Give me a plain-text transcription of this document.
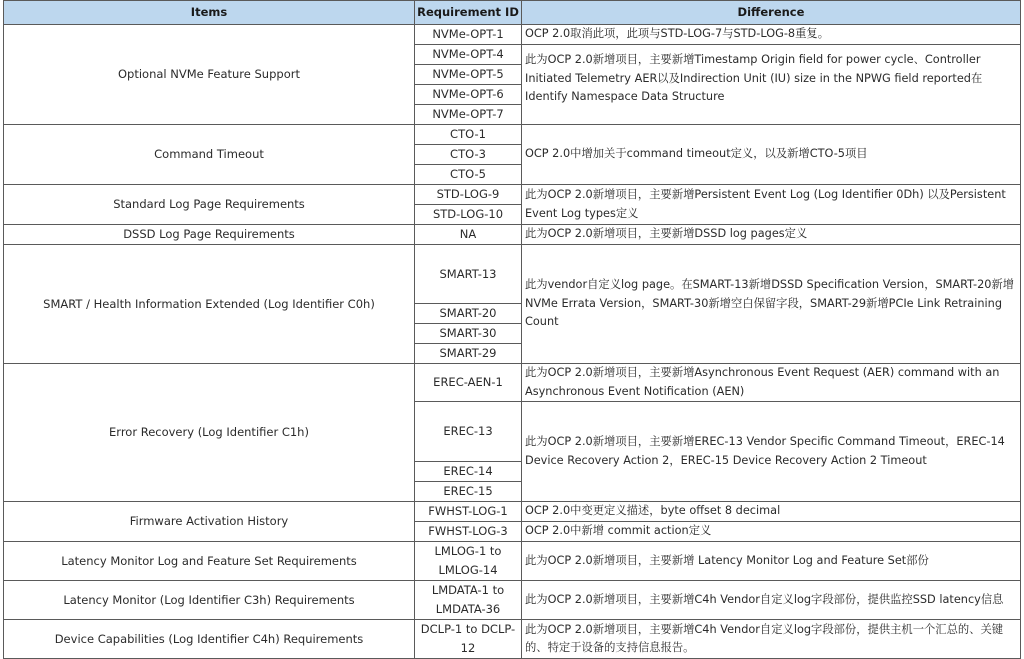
Items	Requirement ID	Difference
Optional NVMe Feature Support	NVMe-OPT-1	OCP 2.0取消此项，此项与STD-LOG-7与STD-LOG-8重复。
	NVMe-OPT-4	此为OCP 2.0新增项目，主要新增Timestamp Origin field for power cycle、Controller Initiated Telemetry AER以及Indirection Unit (IU) size in the NPWG field reported在Identify Namespace Data Structure
	NVMe-OPT-5	
	NVMe-OPT-6	
	NVMe-OPT-7	
Command Timeout	CTO-1	OCP 2.0中增加关于command timeout定义，以及新增CTO-5项目
	CTO-3	
	CTO-5	
Standard Log Page Requirements	STD-LOG-9	此为OCP 2.0新增项目，主要新增Persistent Event Log (Log Identifier 0Dh) 以及Persistent Event Log types定义
	STD-LOG-10	
DSSD Log Page Requirements	NA	此为OCP 2.0新增项目，主要新增DSSD log pages定义
SMART / Health Information Extended (Log Identifier C0h)	SMART-13	此为vendor自定义log page。在SMART-13新增DSSD Specification Version，SMART-20新增NVMe Errata Version，SMART-30新增空白保留字段，SMART-29新增PCIe Link Retraining Count
	SMART-20	
	SMART-30	
	SMART-29	
Error Recovery (Log Identifier C1h)	EREC-AEN-1	此为OCP 2.0新增项目，主要新增Asynchronous Event Request (AER) command with an Asynchronous Event Notification (AEN)
	EREC-13	此为OCP 2.0新增项目，主要新增EREC-13 Vendor Specific Command Timeout，EREC-14 Device Recovery Action 2，EREC-15 Device Recovery Action 2 Timeout
	EREC-14	
	EREC-15	
Firmware Activation History	FWHST-LOG-1	OCP 2.0中变更定义描述，byte offset 8 decimal
	FWHST-LOG-3	OCP 2.0中新增 commit action定义
Latency Monitor Log and Feature Set Requirements	LMLOG-1 to LMLOG-14	此为OCP 2.0新增项目，主要新增 Latency Monitor Log and Feature Set部份
Latency Monitor (Log Identifier C3h) Requirements	LMDATA-1 to LMDATA-36	此为OCP 2.0新增项目，主要新增C4h Vendor自定义log字段部份，提供监控SSD latency信息
Device Capabilities (Log Identifier C4h) Requirements	DCLP-1 to DCLP-12	此为OCP 2.0新增项目，主要新增C4h Vendor自定义log字段部份，提供主机一个汇总的、关键的、特定于设备的支持信息报告。
